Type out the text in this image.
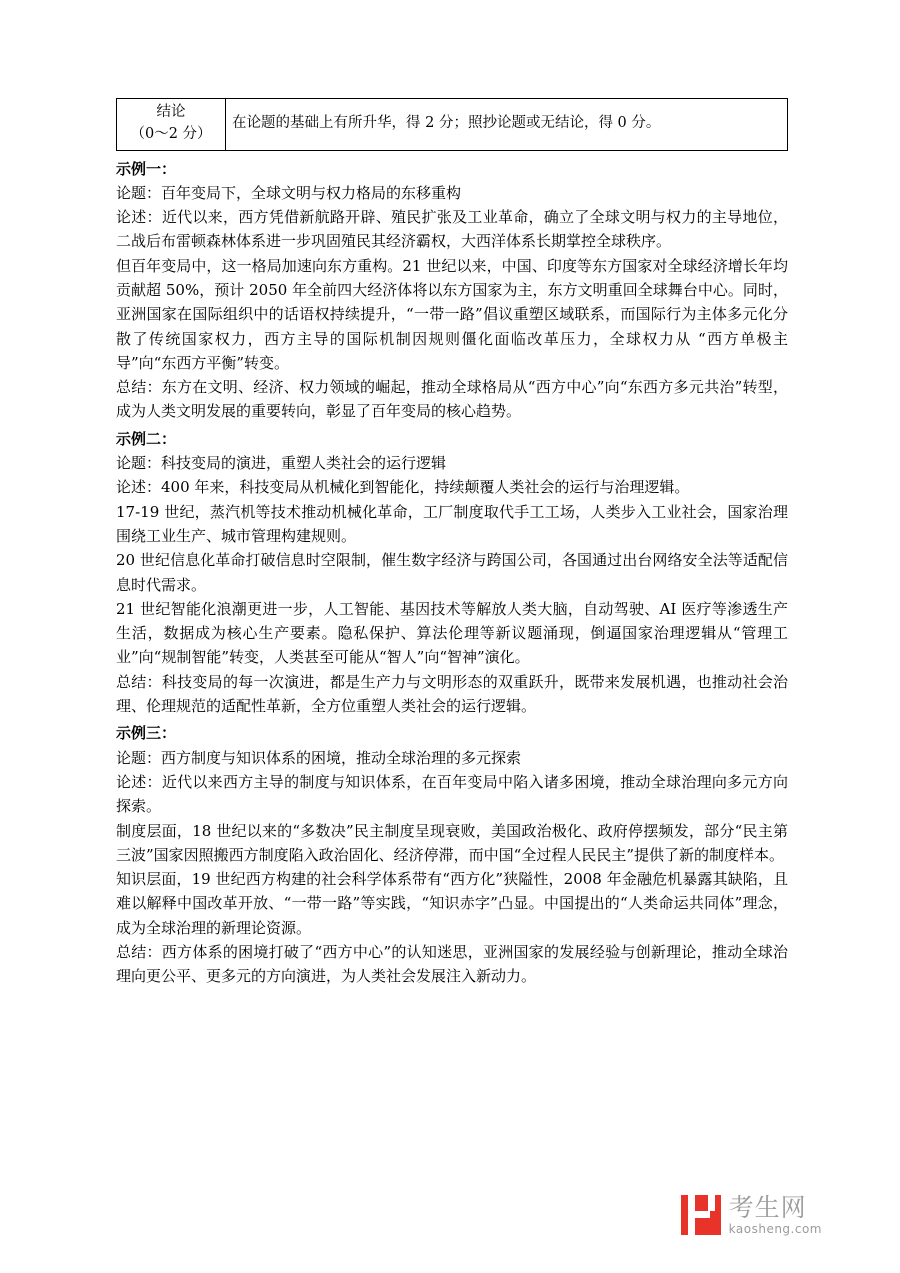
结论
（0～2 分）
	在论题的基础上有所升华，得 2 分；照抄论题或无结论，得 0 分。
示例一：

论题：百年变局下，全球文明与权力格局的东移重构

论述：近代以来，西方凭借新航路开辟、殖民扩张及工业革命，确立了全球文明与权力的主导地位，二战后布雷顿森林体系进一步巩固殖民其经济霸权，大西洋体系长期掌控全球秩序。

但百年变局中，这一格局加速向东方重构。21 世纪以来，中国、印度等东方国家对全球经济增长年均贡献超 50%，预计 2050 年全前四大经济体将以东方国家为主，东方文明重回全球舞台中心。同时，亚洲国家在国际组织中的话语权持续提升，“一带一路”倡议重塑区域联系，而国际行为主体多元化分散了传统国家权力，西方主导的国际机制因规则僵化面临改革压力，全球权力从 “西方单极主导”向“东西方平衡”转变。

总结：东方在文明、经济、权力领域的崛起，推动全球格局从“西方中心”向“东西方多元共治”转型，成为人类文明发展的重要转向，彰显了百年变局的核心趋势。

示例二：

论题：科技变局的演进，重塑人类社会的运行逻辑

论述：400 年来，科技变局从机械化到智能化，持续颠覆人类社会的运行与治理逻辑。

17-19 世纪，蒸汽机等技术推动机械化革命，工厂制度取代手工工场，人类步入工业社会，国家治理围绕工业生产、城市管理构建规则。

20 世纪信息化革命打破信息时空限制，催生数字经济与跨国公司，各国通过出台网络安全法等适配信息时代需求。

21 世纪智能化浪潮更进一步，人工智能、基因技术等解放人类大脑，自动驾驶、AI 医疗等渗透生产生活，数据成为核心生产要素。隐私保护、算法伦理等新议题涌现，倒逼国家治理逻辑从“管理工业”向“规制智能”转变，人类甚至可能从“智人”向“智神”演化。

总结：科技变局的每一次演进，都是生产力与文明形态的双重跃升，既带来发展机遇，也推动社会治理、伦理规范的适配性革新，全方位重塑人类社会的运行逻辑。

示例三：

论题：西方制度与知识体系的困境，推动全球治理的多元探索

论述：近代以来西方主导的制度与知识体系，在百年变局中陷入诸多困境，推动全球治理向多元方向探索。

制度层面，18 世纪以来的“多数决”民主制度呈现衰败，美国政治极化、政府停摆频发，部分“民主第三波”国家因照搬西方制度陷入政治固化、经济停滞，而中国“全过程人民民主”提供了新的制度样本。

知识层面，19 世纪西方构建的社会科学体系带有“西方化”狭隘性，2008 年金融危机暴露其缺陷，且难以解释中国改革开放、“一带一路”等实践，“知识赤字”凸显。中国提出的“人类命运共同体”理念，成为全球治理的新理论资源。

总结：西方体系的困境打破了“西方中心”的认知迷思，亚洲国家的发展经验与创新理论，推动全球治理向更公平、更多元的方向演进，为人类社会发展注入新动力。

考生网
kaosheng.com
